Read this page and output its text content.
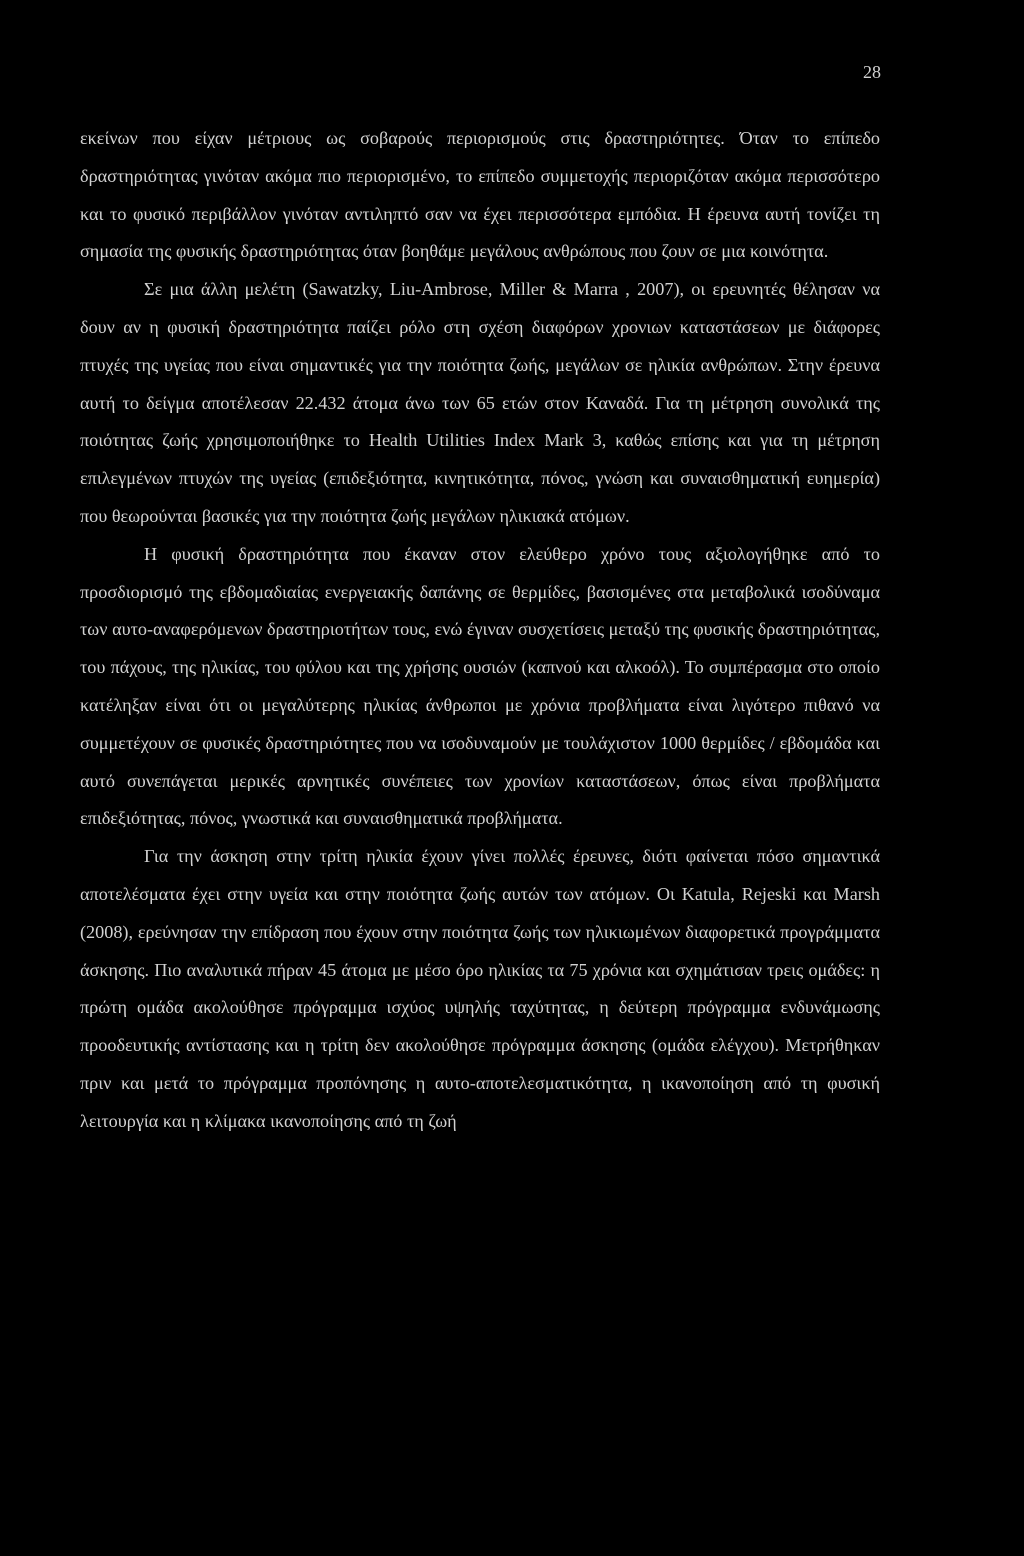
28

εκείνων που είχαν μέτριους ως σοβαρούς περιορισμούς στις δραστηριότητες. Όταν το επίπεδο δραστηριότητας γινόταν ακόμα πιο περιορισμένο, το επίπεδο συμμετοχής περιοριζόταν ακόμα περισσότερο και το φυσικό περιβάλλον γινόταν αντιληπτό σαν να έχει περισσότερα εμπόδια. Η έρευνα αυτή τονίζει τη σημασία της φυσικής δραστηριότητας όταν βοηθάμε μεγάλους ανθρώπους που ζουν σε μια κοινότητα.

Σε μια άλλη μελέτη (Sawatzky, Liu-Ambrose, Miller & Marra , 2007), οι ερευνητές θέλησαν να δουν αν η φυσική δραστηριότητα παίζει ρόλο στη σχέση διαφόρων χρονιων καταστάσεων με διάφορες πτυχές της υγείας που είναι σημαντικές για την ποιότητα ζωής, μεγάλων σε ηλικία ανθρώπων. Στην έρευνα αυτή το δείγμα αποτέλεσαν 22.432 άτομα άνω των 65 ετών στον Καναδά. Για τη μέτρηση συνολικά της ποιότητας ζωής χρησιμοποιήθηκε το Health Utilities Index Mark 3, καθώς επίσης και για τη μέτρηση επιλεγμένων πτυχών της υγείας (επιδεξιότητα, κινητικότητα, πόνος, γνώση και συναισθηματική ευημερία) που θεωρούνται βασικές για την ποιότητα ζωής μεγάλων ηλικιακά ατόμων.

Η φυσική δραστηριότητα που έκαναν στον ελεύθερο χρόνο τους αξιολογήθηκε από το προσδιορισμό της εβδομαδιαίας ενεργειακής δαπάνης σε θερμίδες, βασισμένες στα μεταβολικά ισοδύναμα των αυτο-αναφερόμενων δραστηριοτήτων τους, ενώ έγιναν συσχετίσεις μεταξύ της φυσικής δραστηριότητας, του πάχους, της ηλικίας, του φύλου και της χρήσης ουσιών (καπνού και αλκοόλ). Το συμπέρασμα στο οποίο κατέληξαν είναι ότι οι μεγαλύτερης ηλικίας άνθρωποι με χρόνια προβλήματα είναι λιγότερο πιθανό να συμμετέχουν σε φυσικές δραστηριότητες που να ισοδυναμούν με τουλάχιστον 1000 θερμίδες / εβδομάδα και αυτό συνεπάγεται μερικές αρνητικές συνέπειες των χρονίων καταστάσεων, όπως είναι προβλήματα επιδεξιότητας, πόνος, γνωστικά και συναισθηματικά προβλήματα.

Για την άσκηση στην τρίτη ηλικία έχουν γίνει πολλές έρευνες, διότι φαίνεται πόσο σημαντικά αποτελέσματα έχει στην υγεία και στην ποιότητα ζωής αυτών των ατόμων. Οι Katula, Rejeski και Marsh (2008), ερεύνησαν την επίδραση που έχουν στην ποιότητα ζωής των ηλικιωμένων διαφορετικά προγράμματα άσκησης. Πιο αναλυτικά πήραν 45 άτομα με μέσο όρο ηλικίας τα 75 χρόνια και σχημάτισαν τρεις ομάδες: η πρώτη ομάδα ακολούθησε πρόγραμμα ισχύος υψηλής ταχύτητας, η δεύτερη πρόγραμμα ενδυνάμωσης προοδευτικής αντίστασης και η τρίτη δεν ακολούθησε πρόγραμμα άσκησης (ομάδα ελέγχου). Μετρήθηκαν πριν και μετά το πρόγραμμα προπόνησης η αυτο-αποτελεσματικότητα, η ικανοποίηση από τη φυσική λειτουργία και η κλίμακα ικανοποίησης από τη ζωή
